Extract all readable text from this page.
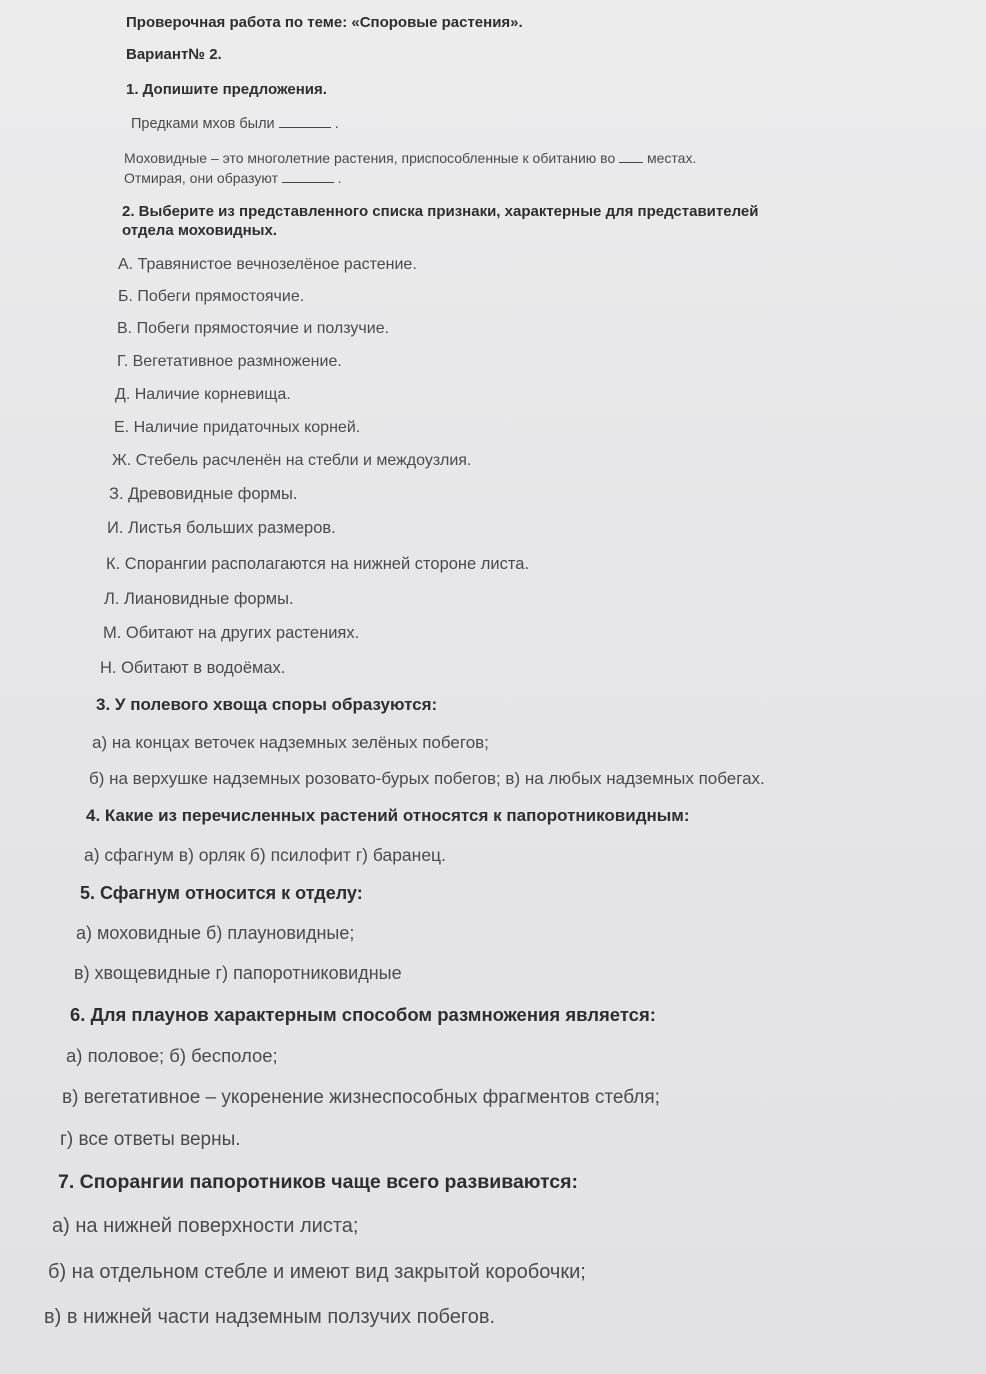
Проверочная работа по теме: «Споровые растения».
Вариант№ 2.
1. Допишите предложения.
Предками мхов были	.
Моховидные – это многолетние растения, приспособленные к обитанию во местах.
Отмирая, они образуют	.
2. Выберите из представленного списка признаки, характерные для представителей
отдела моховидных.
А. Травянистое вечнозелёное растение.
Б. Побеги прямостоячие.
В. Побеги прямостоячие и ползучие.
Г. Вегетативное размножение.
Д. Наличие корневища.
Е. Наличие придаточных корней.
Ж. Стебель расчленён на стебли и междоузлия.
З. Древовидные формы.
И. Листья больших размеров.
К. Спорангии располагаются на нижней стороне листа.
Л. Лиановидные формы.
М. Обитают на других растениях.
Н. Обитают в водоёмах.
3. У полевого хвоща споры образуются:
а) на концах веточек надземных зелёных побегов;
б) на верхушке надземных розовато-бурых побегов; в) на любых надземных побегах.
4. Какие из перечисленных растений относятся к папоротниковидным:
а) сфагнум в) орляк б) псилофит г) баранец.
5. Сфагнум относится к отделу:
а) моховидные б) плауновидные;
в) хвощевидные г) папоротниковидные
6. Для плаунов характерным способом размножения является:
а) половое; б) бесполое;
в) вегетативное – укоренение жизнеспособных фрагментов стебля;
г) все ответы верны.
7. Спорангии папоротников чаще всего развиваются:
а) на нижней поверхности листа;
б) на отдельном стебле и имеют вид закрытой коробочки;
в) в нижней части надземным ползучих побегов.
